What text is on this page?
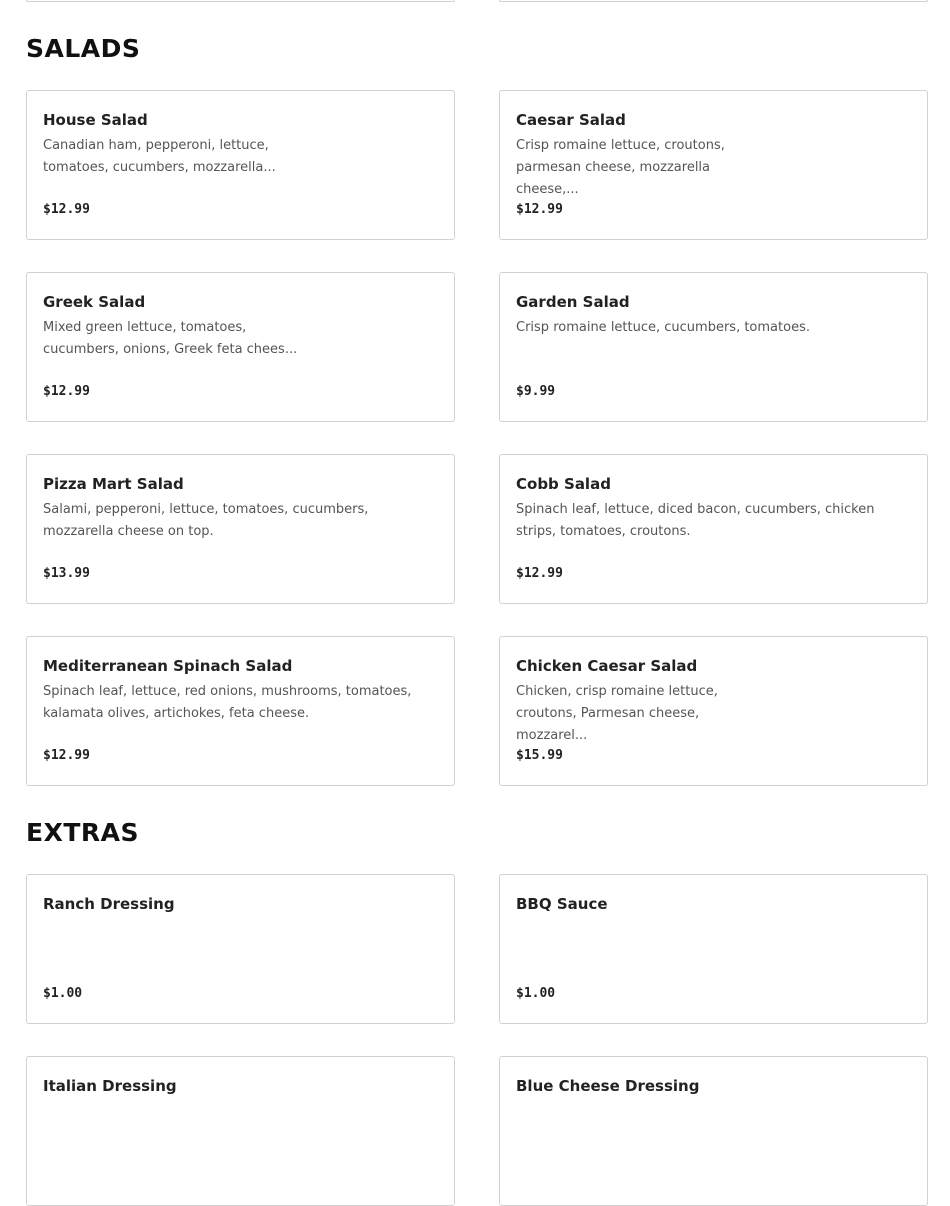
SALADS
House Salad
Canadian ham, pepperoni, lettuce, tomatoes, cucumbers, mozzarella...
$12.99
Caesar Salad
Crisp romaine lettuce, croutons, parmesan cheese, mozzarella cheese,...
$12.99
Greek Salad
Mixed green lettuce, tomatoes, cucumbers, onions, Greek feta chees...
$12.99
Garden Salad
Crisp romaine lettuce, cucumbers, tomatoes.
$9.99
Pizza Mart Salad
Salami, pepperoni, lettuce, tomatoes, cucumbers, mozzarella cheese on top.
$13.99
Cobb Salad
Spinach leaf, lettuce, diced bacon, cucumbers, chicken strips, tomatoes, croutons.
$12.99
Mediterranean Spinach Salad
Spinach leaf, lettuce, red onions, mushrooms, tomatoes, kalamata olives, artichokes, feta cheese.
$12.99
Chicken Caesar Salad
Chicken, crisp romaine lettuce, croutons, Parmesan cheese, mozzarel...
$15.99
EXTRAS
Ranch Dressing
$1.00
BBQ Sauce
$1.00
Italian Dressing	Blue Cheese Dressing
